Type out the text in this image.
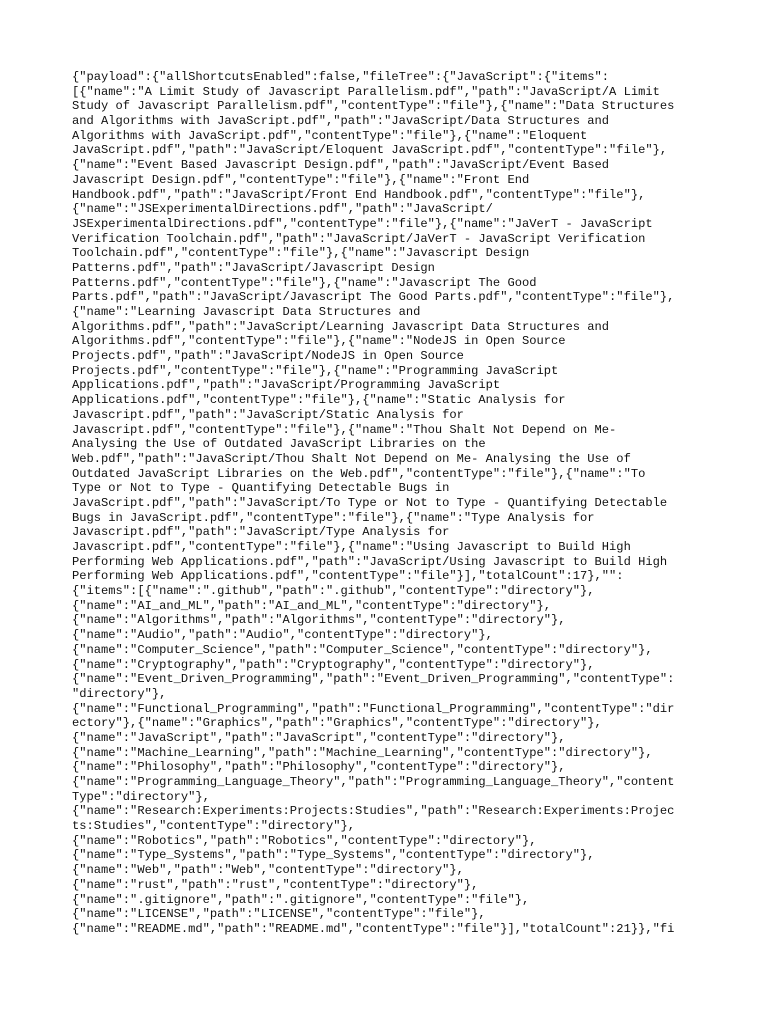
{"payload":{"allShortcutsEnabled":false,"fileTree":{"JavaScript":{"items":
[{"name":"A Limit Study of Javascript Parallelism.pdf","path":"JavaScript/A Limit
Study of Javascript Parallelism.pdf","contentType":"file"},{"name":"Data Structures
and Algorithms with JavaScript.pdf","path":"JavaScript/Data Structures and
Algorithms with JavaScript.pdf","contentType":"file"},{"name":"Eloquent
JavaScript.pdf","path":"JavaScript/Eloquent JavaScript.pdf","contentType":"file"},
{"name":"Event Based Javascript Design.pdf","path":"JavaScript/Event Based
Javascript Design.pdf","contentType":"file"},{"name":"Front End
Handbook.pdf","path":"JavaScript/Front End Handbook.pdf","contentType":"file"},
{"name":"JSExperimentalDirections.pdf","path":"JavaScript/
JSExperimentalDirections.pdf","contentType":"file"},{"name":"JaVerT - JavaScript
Verification Toolchain.pdf","path":"JavaScript/JaVerT - JavaScript Verification
Toolchain.pdf","contentType":"file"},{"name":"Javascript Design
Patterns.pdf","path":"JavaScript/Javascript Design
Patterns.pdf","contentType":"file"},{"name":"Javascript The Good
Parts.pdf","path":"JavaScript/Javascript The Good Parts.pdf","contentType":"file"},
{"name":"Learning Javascript Data Structures and
Algorithms.pdf","path":"JavaScript/Learning Javascript Data Structures and
Algorithms.pdf","contentType":"file"},{"name":"NodeJS in Open Source
Projects.pdf","path":"JavaScript/NodeJS in Open Source
Projects.pdf","contentType":"file"},{"name":"Programming JavaScript
Applications.pdf","path":"JavaScript/Programming JavaScript
Applications.pdf","contentType":"file"},{"name":"Static Analysis for
Javascript.pdf","path":"JavaScript/Static Analysis for
Javascript.pdf","contentType":"file"},{"name":"Thou Shalt Not Depend on Me-
Analysing the Use of Outdated JavaScript Libraries on the
Web.pdf","path":"JavaScript/Thou Shalt Not Depend on Me- Analysing the Use of
Outdated JavaScript Libraries on the Web.pdf","contentType":"file"},{"name":"To
Type or Not to Type - Quantifying Detectable Bugs in
JavaScript.pdf","path":"JavaScript/To Type or Not to Type - Quantifying Detectable
Bugs in JavaScript.pdf","contentType":"file"},{"name":"Type Analysis for
Javascript.pdf","path":"JavaScript/Type Analysis for
Javascript.pdf","contentType":"file"},{"name":"Using Javascript to Build High
Performing Web Applications.pdf","path":"JavaScript/Using Javascript to Build High
Performing Web Applications.pdf","contentType":"file"}],"totalCount":17},"":
{"items":[{"name":".github","path":".github","contentType":"directory"},
{"name":"AI_and_ML","path":"AI_and_ML","contentType":"directory"},
{"name":"Algorithms","path":"Algorithms","contentType":"directory"},
{"name":"Audio","path":"Audio","contentType":"directory"},
{"name":"Computer_Science","path":"Computer_Science","contentType":"directory"},
{"name":"Cryptography","path":"Cryptography","contentType":"directory"},
{"name":"Event_Driven_Programming","path":"Event_Driven_Programming","contentType":
"directory"},
{"name":"Functional_Programming","path":"Functional_Programming","contentType":"dir
ectory"},{"name":"Graphics","path":"Graphics","contentType":"directory"},
{"name":"JavaScript","path":"JavaScript","contentType":"directory"},
{"name":"Machine_Learning","path":"Machine_Learning","contentType":"directory"},
{"name":"Philosophy","path":"Philosophy","contentType":"directory"},
{"name":"Programming_Language_Theory","path":"Programming_Language_Theory","content
Type":"directory"},
{"name":"Research:Experiments:Projects:Studies","path":"Research:Experiments:Projec
ts:Studies","contentType":"directory"},
{"name":"Robotics","path":"Robotics","contentType":"directory"},
{"name":"Type_Systems","path":"Type_Systems","contentType":"directory"},
{"name":"Web","path":"Web","contentType":"directory"},
{"name":"rust","path":"rust","contentType":"directory"},
{"name":".gitignore","path":".gitignore","contentType":"file"},
{"name":"LICENSE","path":"LICENSE","contentType":"file"},
{"name":"README.md","path":"README.md","contentType":"file"}],"totalCount":21}},"fi
